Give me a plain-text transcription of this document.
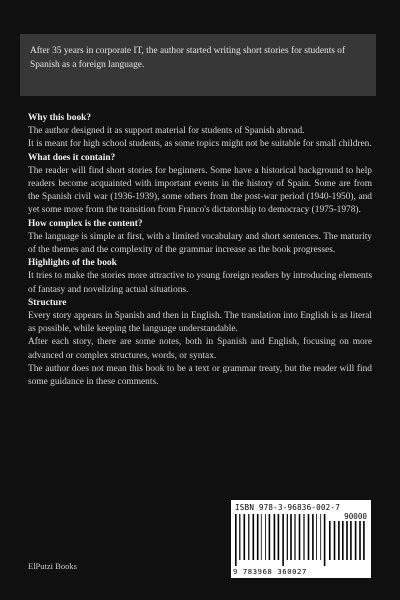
After 35 years in corporate IT, the author started writing short stories for students of Spanish as a foreign language.

Why this book?

The author designed it as support material for students of Spanish abroad.

It is meant for high school students, as some topics might not be suitable for small children.

What does it contain?

The reader will find short stories for beginners. Some have a historical background to help readers become acquainted with important events in the history of Spain. Some are from the Spanish civil war (1936-1939), some others from the post-war period (1940-1950), and yet some more from the transition from Franco's dictatorship to democracy (1975-1978).

How complex is the content?

The language is simple at first, with a limited vocabulary and short sentences. The maturity of the themes and the complexity of the grammar increase as the book progresses.

Highlights of the book

It tries to make the stories more attractive to young foreign readers by introducing elements of fantasy and novelizing actual situations.

Structure

Every story appears in Spanish and then in English. The translation into English is as literal as possible, while keeping the language understandable.

After each story, there are some notes, both in Spanish and English, focusing on more advanced or complex structures, words, or syntax.

The author does not mean this book to be a text or grammar treaty, but the reader will find some guidance in these comments.

ISBN 978-3-96836-002-7
90000
9 783968 360027
ElPutzi Books
